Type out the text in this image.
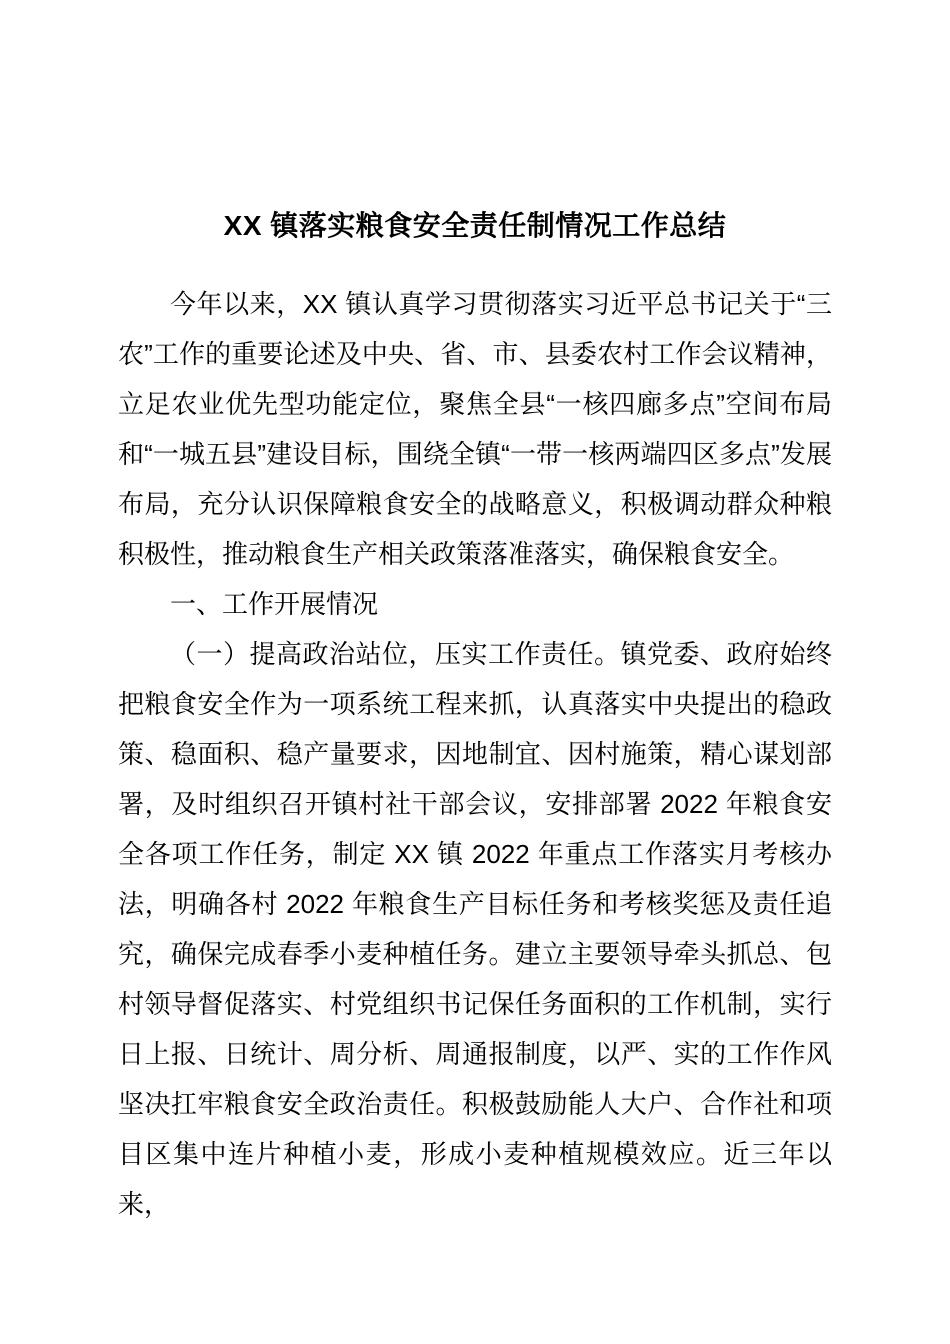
XX 镇落实粮食安全责任制情况工作总结

今年以来，XX 镇认真学习贯彻落实习近平总书记关于“三农”工作的重要论述及中央、省、市、县委农村工作会议精神，立足农业优先型功能定位，聚焦全县“一核四廊多点”空间布局和“一城五县”建设目标，围绕全镇“一带一核两端四区多点”发展布局，充分认识保障粮食安全的战略意义，积极调动群众种粮积极性，推动粮食生产相关政策落准落实，确保粮食安全。

一、工作开展情况

（一）提高政治站位，压实工作责任。镇党委、政府始终把粮食安全作为一项系统工程来抓，认真落实中央提出的稳政策、稳面积、稳产量要求，因地制宜、因村施策，精心谋划部署，及时组织召开镇村社干部会议，安排部署 2022 年粮食安全各项工作任务，制定 XX 镇 2022 年重点工作落实月考核办法，明确各村 2022 年粮食生产目标任务和考核奖惩及责任追究，确保完成春季小麦种植任务。建立主要领导牵头抓总、包村领导督促落实、村党组织书记保任务面积的工作机制，实行日上报、日统计、周分析、周通报制度，以严、实的工作作风坚决扛牢粮食安全政治责任。积极鼓励能人大户、合作社和项目区集中连片种植小麦，形成小麦种植规模效应。近三年以来，
